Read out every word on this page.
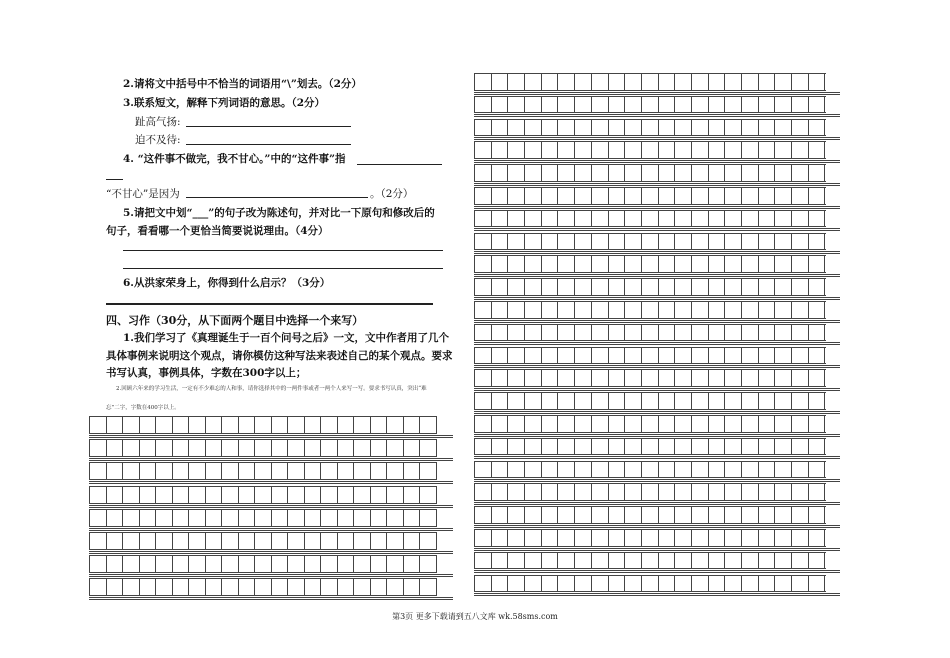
2.请将文中括号中不恰当的词语用“\”划去。（2分）
3.联系短文，解释下列词语的意思。（2分）
趾高气扬:
迫不及待:
4. “这件事不做完，我不甘心。”中的“这件事”指
“不甘心”是因为	。（2分）
5.请把文中划“___”的句子改为陈述句，并对比一下原句和修改后的
句子，看看哪一个更恰当简要说说理由。（4分）
6.从洪家荣身上，你得到什么启示？（3分）
四、习作（30分，从下面两个题目中选择一个来写）
1.我们学习了《真理诞生于一百个问号之后》一文，文中作者用了几个
具体事例来说明这个观点，请你模仿这种写法来表述自己的某个观点。要求
书写认真，事例具体，字数在300字以上；
2.回顾六年来的学习生活，一定有不少难忘的人和事，请你选择其中的一两件事或者一两个人来写一写。要求书写认真，突出“难
忘”二字，字数在400字以上。
第3页 更多下载请到五八文库 wk.58sms.com
